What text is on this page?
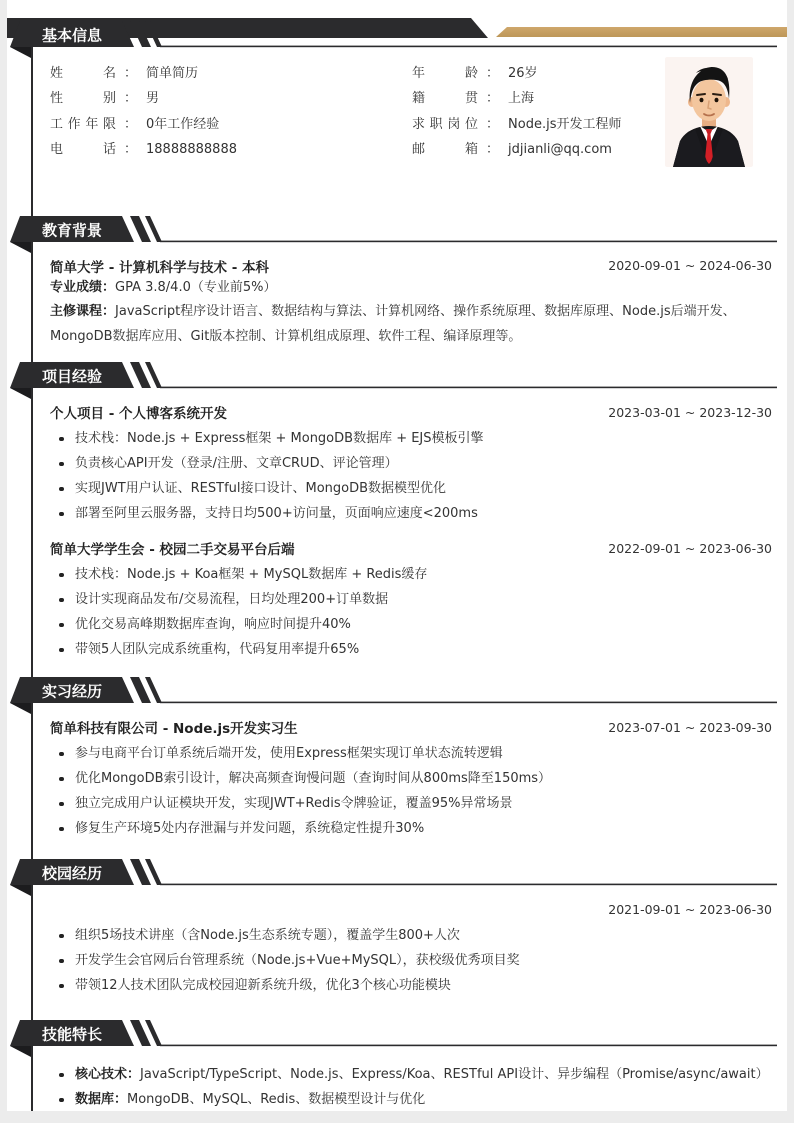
基本信息
姓名 ： 简单简历
性别 ： 男
工作年限 ： 0年工作经验
电话 ： 18888888888
年龄 ： 26岁
籍贯 ： 上海
求职岗位 ： Node.js开发工程师
邮箱 ： jdjianli@qq.com
教育背景
简单大学 - 计算机科学与技术 - 本科	2020-09-01 ~ 2024-06-30

专业成绩：GPA 3.8/4.0（专业前5%）

主修课程：JavaScript程序设计语言、数据结构与算法、计算机网络、操作系统原理、数据库原理、Node.js后端开发、MongoDB数据库应用、Git版本控制、计算机组成原理、软件工程、编译原理等。

项目经验
个人项目 - 个人博客系统开发	2023-03-01 ~ 2023-12-30
技术栈：Node.js + Express框架 + MongoDB数据库 + EJS模板引擎
负责核心API开发（登录/注册、文章CRUD、评论管理）
实现JWT用户认证、RESTful接口设计、MongoDB数据模型优化
部署至阿里云服务器，支持日均500+访问量，页面响应速度<200ms
简单大学学生会 - 校园二手交易平台后端	2022-09-01 ~ 2023-06-30
技术栈：Node.js + Koa框架 + MySQL数据库 + Redis缓存
设计实现商品发布/交易流程，日均处理200+订单数据
优化交易高峰期数据库查询，响应时间提升40%
带领5人团队完成系统重构，代码复用率提升65%
实习经历
简单科技有限公司 - Node.js开发实习生	2023-07-01 ~ 2023-09-30
参与电商平台订单系统后端开发，使用Express框架实现订单状态流转逻辑
优化MongoDB索引设计，解决高频查询慢问题（查询时间从800ms降至150ms）
独立完成用户认证模块开发，实现JWT+Redis令牌验证，覆盖95%异常场景
修复生产环境5处内存泄漏与并发问题，系统稳定性提升30%
校园经历
2021-09-01 ~ 2023-06-30
组织5场技术讲座（含Node.js生态系统专题），覆盖学生800+人次
开发学生会官网后台管理系统（Node.js+Vue+MySQL），获校级优秀项目奖
带领12人技术团队完成校园迎新系统升级，优化3个核心功能模块
技能特长
核心技术：JavaScript/TypeScript、Node.js、Express/Koa、RESTful API设计、异步编程（Promise/async/await）
数据库：MongoDB、MySQL、Redis、数据模型设计与优化
